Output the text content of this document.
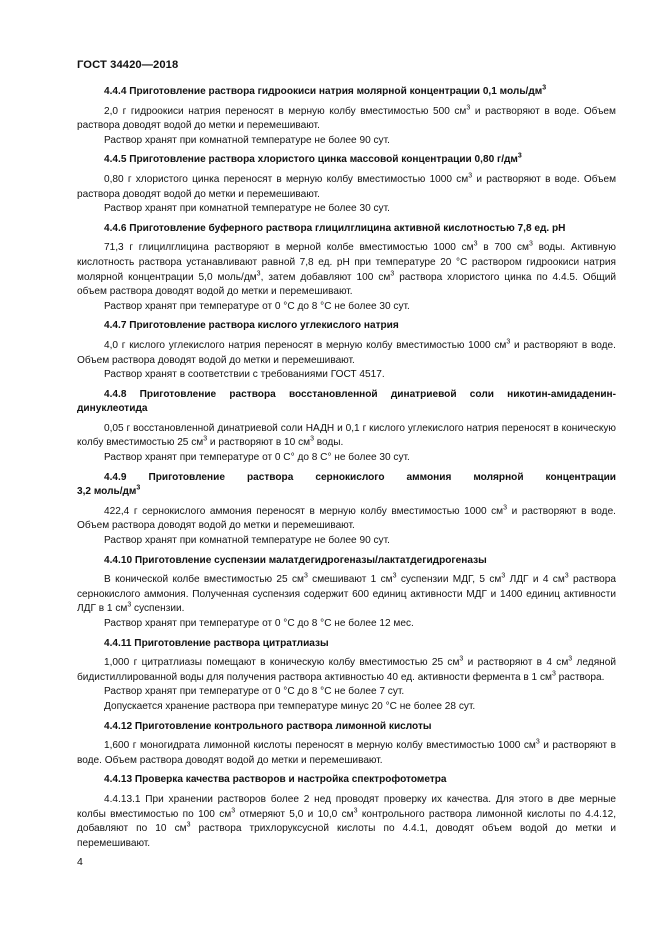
ГОСТ 34420—2018
4.4.4 Приготовление раствора гидроокиси натрия молярной концентрации 0,1 моль/$дм^3$

2,0 г гидроокиси натрия переносят в мерную колбу вместимостью 500 $см^3$ и растворяют в воде. Объем раствора доводят водой до метки и перемешивают.

Раствор хранят при комнатной температуре не более 90 сут.

4.4.5 Приготовление раствора хлористого цинка массовой концентрации 0,80 $г/дм^3$

0,80 г хлористого цинка переносят в мерную колбу вместимостью 1000 $см^3$ и растворяют в воде. Объем раствора доводят водой до метки и перемешивают.

Раствор хранят при комнатной температуре не более 30 сут.

4.4.6 Приготовление буферного раствора глицилглицина активной кислотностью 7,8 ед. рН

71,3 г глицилглицина растворяют в мерной колбе вместимостью 1000 $см^3$ в 700 $см^3$ воды. Активную кислотность раствора устанавливают равной 7,8 ед. рН при температуре 20 °С раствором гидроокиси натрия молярной концентрации 5,0 моль/$дм^3$, затем добавляют 100 $см^3$ раствора хлористого цинка по 4.4.5. Общий объем раствора доводят водой до метки и перемешивают.

Раствор хранят при температуре от 0 °С до 8 °С не более 30 сут.

4.4.7 Приготовление раствора кислого углекислого натрия

4,0 г кислого углекислого натрия переносят в мерную колбу вместимостью 1000 $см^3$ и растворяют в воде. Объем раствора доводят водой до метки и перемешивают.

Раствор хранят в соответствии с требованиями ГОСТ 4517.

4.4.8 Приготовление раствора восстановленной динатриевой соли никотин-амидаденин-динуклеотида

0,05 г восстановленной динатриевой соли НАДН и 0,1 г кислого углекислого натрия переносят в коническую колбу вместимостью 25 $см^3$ и растворяют в 10 $см^3$ воды.

Раствор хранят при температуре от 0 С° до 8 С° не более 30 сут.

4.4.9 Приготовление раствора сернокислого аммония молярной концентрации

3,2 моль/$дм^3$

422,4 г сернокислого аммония переносят в мерную колбу вместимостью 1000 $см^3$ и растворяют в воде. Объем раствора доводят водой до метки и перемешивают.

Раствор хранят при комнатной температуре не более 90 сут.

4.4.10 Приготовление суспензии малатдегидрогеназы/лактатдегидрогеназы

В конической колбе вместимостью 25 $см^3$ смешивают 1 $см^3$ суспензии МДГ, 5 $см^3$ ЛДГ и 4 $см^3$ раствора сернокислого аммония. Полученная суспензия содержит 600 единиц активности МДГ и 1400 единиц активности ЛДГ в 1 $см^3$ суспензии.

Раствор хранят при температуре от 0 °С до 8 °С не более 12 мес.

4.4.11 Приготовление раствора цитратлиазы

1,000 г цитратлиазы помещают в коническую колбу вместимостью 25 $см^3$ и растворяют в 4 $см^3$ ледяной бидистиллированной воды для получения раствора активностью 40 ед. активности фермента в 1 $см^3$ раствора.

Раствор хранят при температуре от 0 °С до 8 °С не более 7 сут.

Допускается хранение раствора при температуре минус 20 °С не более 28 сут.

4.4.12 Приготовление контрольного раствора лимонной кислоты

1,600 г моногидрата лимонной кислоты переносят в мерную колбу вместимостью 1000 $см^3$ и растворяют в воде. Объем раствора доводят водой до метки и перемешивают.

4.4.13 Проверка качества растворов и настройка спектрофотометра

4.4.13.1 При хранении растворов более 2 нед проводят проверку их качества. Для этого в две мерные колбы вместимостью по 100 $см^3$ отмеряют 5,0 и 10,0 $см^3$ контрольного раствора лимонной кислоты по 4.4.12, добавляют по 10 $см^3$ раствора трихлоруксусной кислоты по 4.4.1, доводят объем водой до метки и перемешивают.

4
